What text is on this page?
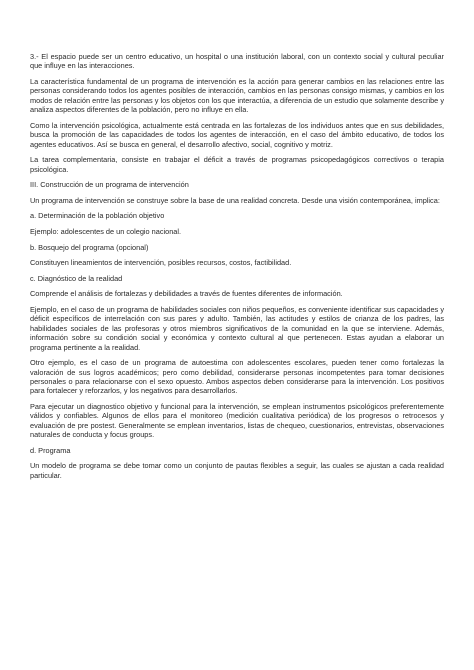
3.- El espacio puede ser un centro educativo, un hospital o una institución laboral, con un contexto social y cultural peculiar que influye en las interacciones.

La característica fundamental de un programa de intervención es la acción para generar cambios en las relaciones entre las personas considerando todos los agentes posibles de interacción, cambios en las personas consigo mismas, y cambios en los modos de relación entre las personas y los objetos con los que interactúa, a diferencia de un estudio que solamente describe y analiza aspectos diferentes de la población, pero no influye en ella.

Como la intervención psicológica, actualmente está centrada en las fortalezas de los individuos antes que en sus debilidades, busca la promoción de las capacidades de todos los agentes de interacción, en el caso del ámbito educativo, de todos los agentes educativos. Así se busca en general, el desarrollo afectivo, social, cognitivo y motriz.

La tarea complementaria, consiste en trabajar el déficit a través de programas psicopedagógicos correctivos o terapia psicológica.

III. Construcción de un programa de intervención

Un programa de intervención se construye sobre la base de una realidad concreta. Desde una visión contemporánea, implica:

a. Determinación de la población objetivo

Ejemplo: adolescentes de un colegio nacional.

b. Bosquejo del programa (opcional)

Constituyen lineamientos de intervención, posibles recursos, costos, factibilidad.

c. Diagnóstico de la realidad

Comprende el análisis de fortalezas y debilidades a través de fuentes diferentes de información.

Ejemplo, en el caso de un programa de habilidades sociales con niños pequeños, es conveniente identificar sus capacidades y déficit específicos de interrelación con sus pares y adulto. También, las actitudes y estilos de crianza de los padres, las habilidades sociales de las profesoras y otros miembros significativos de la comunidad en la que se interviene. Además, información sobre su condición social y económica y contexto cultural al que pertenecen. Estas ayudan a elaborar un programa pertinente a la realidad.

Otro ejemplo, es el caso de un programa de autoestima con adolescentes escolares, pueden tener como fortalezas la valoración de sus logros académicos; pero como debilidad, considerarse personas incompetentes para tomar decisiones personales o para relacionarse con el sexo opuesto. Ambos aspectos deben considerarse para la intervención. Los positivos para fortalecer y reforzarlos, y los negativos para desarrollarlos.

Para ejecutar un diagnostico objetivo y funcional para la intervención, se emplean instrumentos psicológicos preferentemente válidos y confiables. Algunos de ellos para el monitoreo (medición cualitativa periódica) de los progresos o retrocesos y evaluación de pre postest. Generalmente se emplean inventarios, listas de chequeo, cuestionarios, entrevistas, observaciones naturales de conducta y focus groups.

d. Programa

Un modelo de programa se debe tomar como un conjunto de pautas flexibles a seguir, las cuales se ajustan a cada realidad particular.
